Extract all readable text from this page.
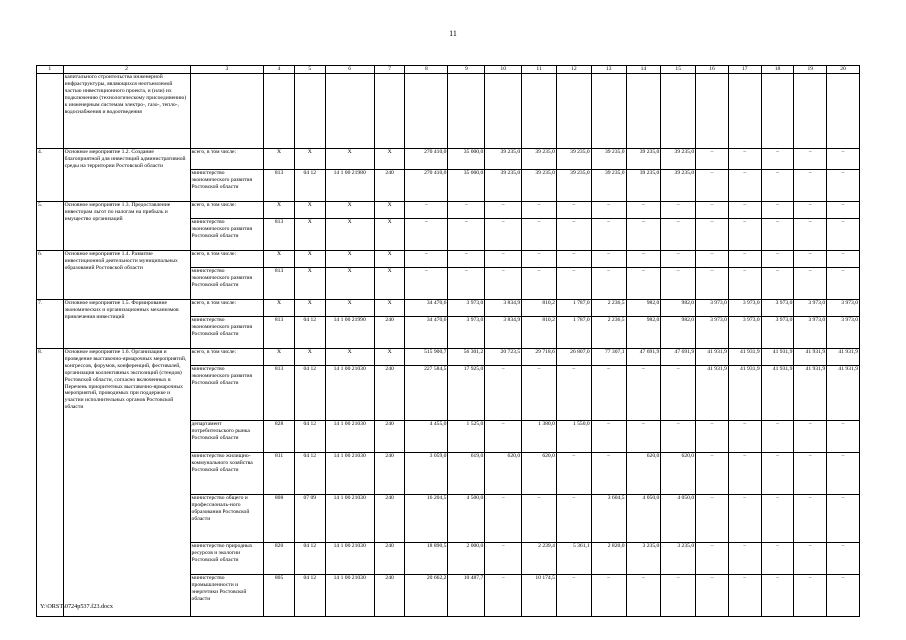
11
1	2	3	4	5	6	7	8	9	10	11	12	13	14	15	16	17	18	19	20
	капитального строительства инженерной инфраструктуры, являющихся неотъемлемой частью инвестиционного проекта, и (или) их подключению (технологическому присоединению) к инженерным системам электро-, газо-, тепло-, водоснабжения и водоотведения																		
4.	Основное мероприятие 1.2. Создание благоприятной для инвестиций административной среды на территории Ростовской области	всего, в том числе:	Х	Х	Х	Х	270 410,0	35 000,0	39 235,0	39 235,0	39 235,0	39 235,0	39 235,0	39 235,0	–	–	–	–	–
		министерство экономического развития Ростовской области	813	04 12	14 1 00 21980	240	270 410,0	35 000,0	39 235,0	39 235,0	39 235,0	39 235,0	39 235,0	39 235,0	–	–	–	–	–
5.	Основное мероприятие 1.3. Предоставление инвесторам льгот по налогам на прибыль и имущество организаций	всего, в том числе:	Х	Х	Х	Х	–	–	–	–	–	–	–	–	–	–	–	–	–
		министерство экономического развития Ростовской области	813	Х	Х	Х	–	–	–	–	–	–	–	–	–	–	–	–	–
6.	Основное мероприятие 1.4. Развитие инвестиционной деятельности муниципальных образований Ростовской области	всего, в том числе:	Х	Х	Х	Х	–	–	–	–	–	–	–	–	–	–	–	–	–
		министерство экономического развития Ростовской области	813	Х	Х	Х	–	–	–	–	–	–	–	–	–	–	–	–	–
7.	Основное мероприятие 1.5. Формирование экономических и организационных механизмов привлечения инвестиций	всего, в том числе:	Х	Х	Х	Х	34 470,6	3 973,0	3 834,9	810,2	1 787,0	2 236,5	982,0	982,0	3 973,0	3 973,0	3 973,0	3 973,0	3 973,0
		министерство экономического развития Ростовской области	813	04 12	14 1 00 21990	240	34 470,6	3 973,0	3 834,9	810,2	1 787,0	2 236,5	982,0	982,0	3 973,0	3 973,0	3 973,0	3 973,0	3 973,0
8.	Основное мероприятие 1.6. Организация и проведение выставочно-ярмарочных мероприятий, конгрессов, форумов, конференций, фестивалей, организация коллективных экспозиций (стендов) Ростовской области, согласно включенных в Перечень приоритетных выставочно-ярмарочных мероприятий, проводимых при поддержке и участии исполнительных органов Ростовской области	всего, в том числе:	Х	Х	Х	Х	515 900,7	56 301,2	20 723,5	29 718,6	26 807,0	77 307,1	47 691,9	47 691,9	41 931,9	41 931,9	41 931,9	41 931,9	41 931,9
		министерство экономического развития Ростовской области	813	04 12	14 1 00 21030	240	227 584,5	17 925,0	–	–	–	–	–	–	41 931,9	41 931,9	41 931,9	41 931,9	41 931,9
		департамент потребительского рынка Ростовской области	828	04 12	14 1 00 21030	240	4 455,0	1 525,0	–	1 380,0	1 550,0	–	–	–	–	–	–	–	–
		министерство жилищно-коммунального хозяйства Ростовской области	811	04 12	14 1 00 21030	240	3 059,0	619,0	620,0	620,0	–	–	620,0	620,0	–	–	–	–	–
		министерство общего и профессиональ-ного образования Ростовской области	808	07 09	14 1 00 21030	240	16 204,5	4 500,0	–	–	–	3 604,5	4 050,0	4 050,0	–	–	–	–	–
		министерство природных ресурсов и экологии Ростовской области	820	04 12	14 1 00 21030	240	18 890,5	2 000,0	–	2 239,4	5 361,1	2 820,0	3 235,0	3 235,0	–	–	–	–	–
		министерство промышленности и энергетики Ростовской области	805	04 12	14 1 00 21030	240	20 662,2	10 487,7	–	10 174,5	–	–	–	–	–	–	–	–	–
Y:\ORST\0724p537.f23.docx
